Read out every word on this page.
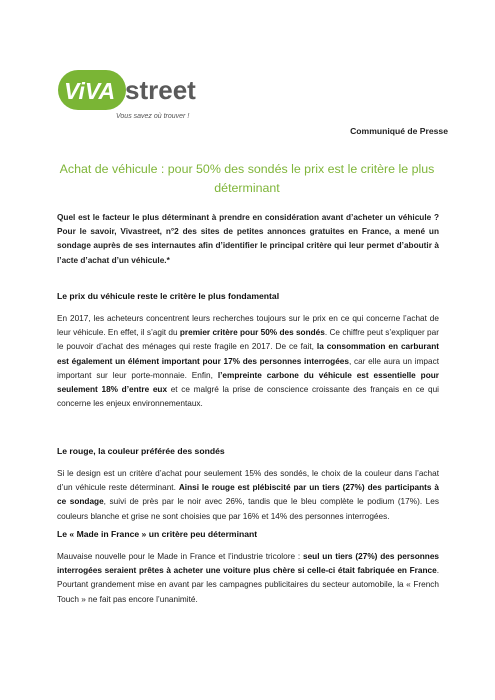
ViVA street
Vous savez où trouver !
Communiqué de Presse
Achat de véhicule : pour 50% des sondés le prix est le critère le plus déterminant
Quel est le facteur le plus déterminant à prendre en considération avant d’acheter un véhicule ? Pour le savoir, Vivastreet, n°2 des sites de petites annonces gratuites en France, a mené un sondage auprès de ses internautes afin d’identifier le principal critère qui leur permet d’aboutir à l’acte d’achat d’un véhicule.*
Le prix du véhicule reste le critère le plus fondamental
En 2017, les acheteurs concentrent leurs recherches toujours sur le prix en ce qui concerne l’achat de leur véhicule. En effet, il s’agit du premier critère pour 50% des sondés. Ce chiffre peut s’expliquer par le pouvoir d’achat des ménages qui reste fragile en 2017. De ce fait, la consommation en carburant est également un élément important pour 17% des personnes interrogées, car elle aura un impact important sur leur porte-monnaie. Enfin, l’empreinte carbone du véhicule est essentielle pour seulement 18% d’entre eux et ce malgré la prise de conscience croissante des français en ce qui concerne les enjeux environnementaux.
Le rouge, la couleur préférée des sondés
Si le design est un critère d’achat pour seulement 15% des sondés, le choix de la couleur dans l’achat d’un véhicule reste déterminant. Ainsi le rouge est plébiscité par un tiers (27%) des participants à ce sondage, suivi de près par le noir avec 26%, tandis que le bleu complète le podium (17%). Les couleurs blanche et grise ne sont choisies que par 16% et 14% des personnes interrogées.
Le « Made in France » un critère peu déterminant
Mauvaise nouvelle pour le Made in France et l’industrie tricolore : seul un tiers (27%) des personnes interrogées seraient prêtes à acheter une voiture plus chère si celle-ci était fabriquée en France. Pourtant grandement mise en avant par les campagnes publicitaires du secteur automobile, la « French Touch » ne fait pas encore l’unanimité.
